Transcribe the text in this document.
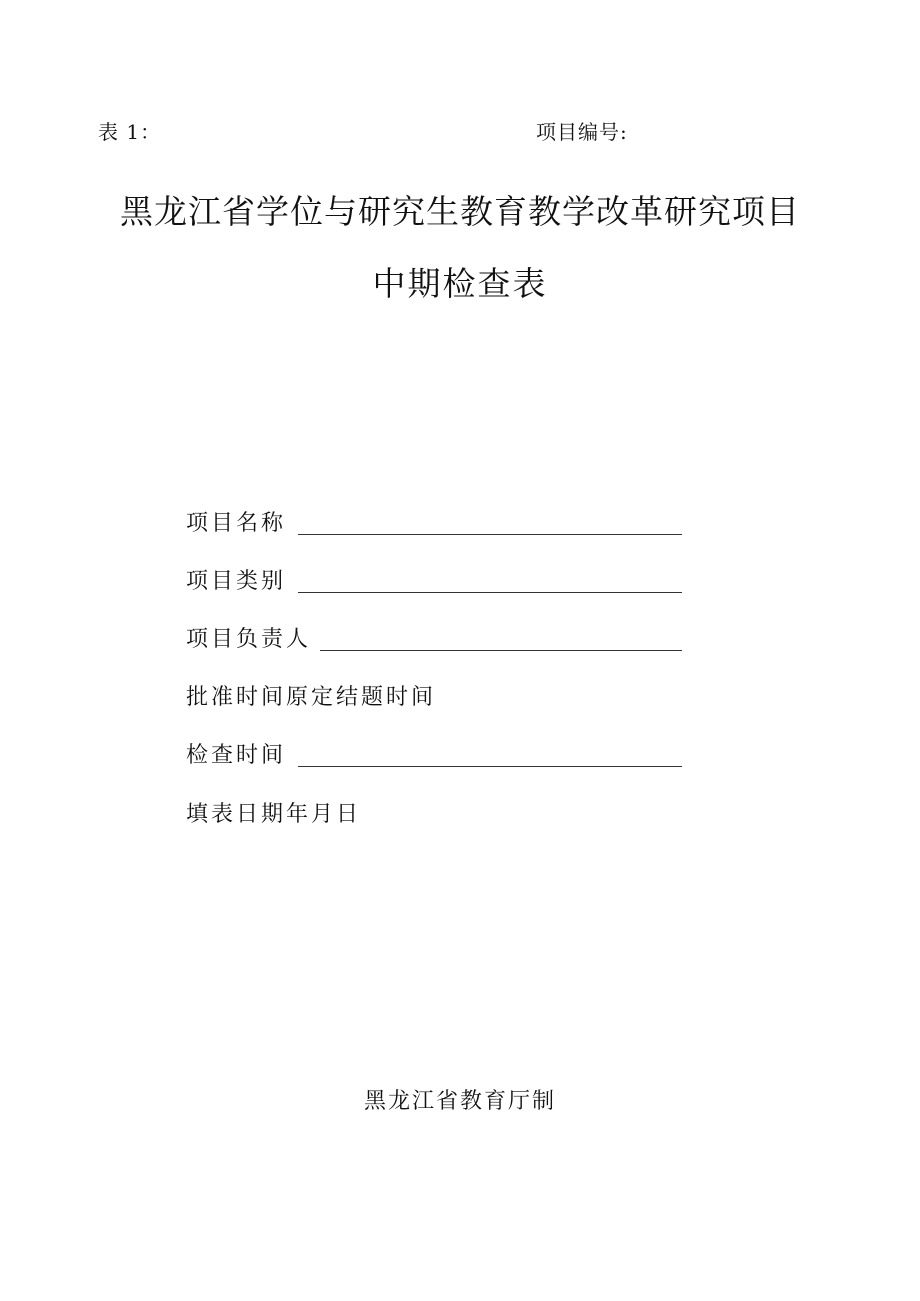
表 1：	项目编号:
黑龙江省学位与研究生教育教学改革研究项目
中期检查表
项目名称
项目类别
项目负责人
批准时间原定结题时间
检查时间
填表日期年月日
黑龙江省教育厅制
